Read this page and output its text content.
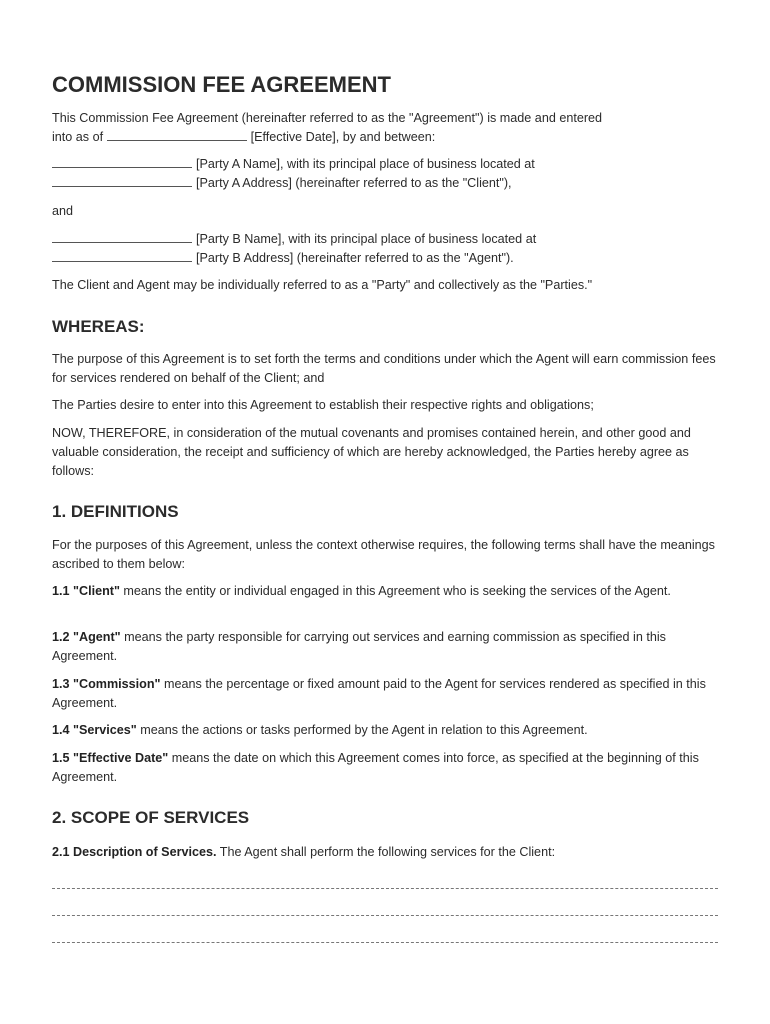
COMMISSION FEE AGREEMENT
This Commission Fee Agreement (hereinafter referred to as the "Agreement") is made and entered
into as of	[Effective Date], by and between:
[Party A Name], with its principal place of business located at
[Party A Address] (hereinafter referred to as the "Client"),
and
[Party B Name], with its principal place of business located at
[Party B Address] (hereinafter referred to as the "Agent").
The Client and Agent may be individually referred to as a "Party" and collectively as the "Parties."
WHEREAS:
The purpose of this Agreement is to set forth the terms and conditions under which the Agent will earn commission fees for services rendered on behalf of the Client; and
The Parties desire to enter into this Agreement to establish their respective rights and obligations;
NOW, THEREFORE, in consideration of the mutual covenants and promises contained herein, and other good and valuable consideration, the receipt and sufficiency of which are hereby acknowledged, the Parties hereby agree as follows:
1. DEFINITIONS
For the purposes of this Agreement, unless the context otherwise requires, the following terms shall have the meanings ascribed to them below:
1.1 "Client" means the entity or individual engaged in this Agreement who is seeking the services of the Agent.
1.2 "Agent" means the party responsible for carrying out services and earning commission as specified in this Agreement.
1.3 "Commission" means the percentage or fixed amount paid to the Agent for services rendered as specified in this Agreement.
1.4 "Services" means the actions or tasks performed by the Agent in relation to this Agreement.
1.5 "Effective Date" means the date on which this Agreement comes into force, as specified at the beginning of this Agreement.
2. SCOPE OF SERVICES
2.1 Description of Services. The Agent shall perform the following services for the Client:
